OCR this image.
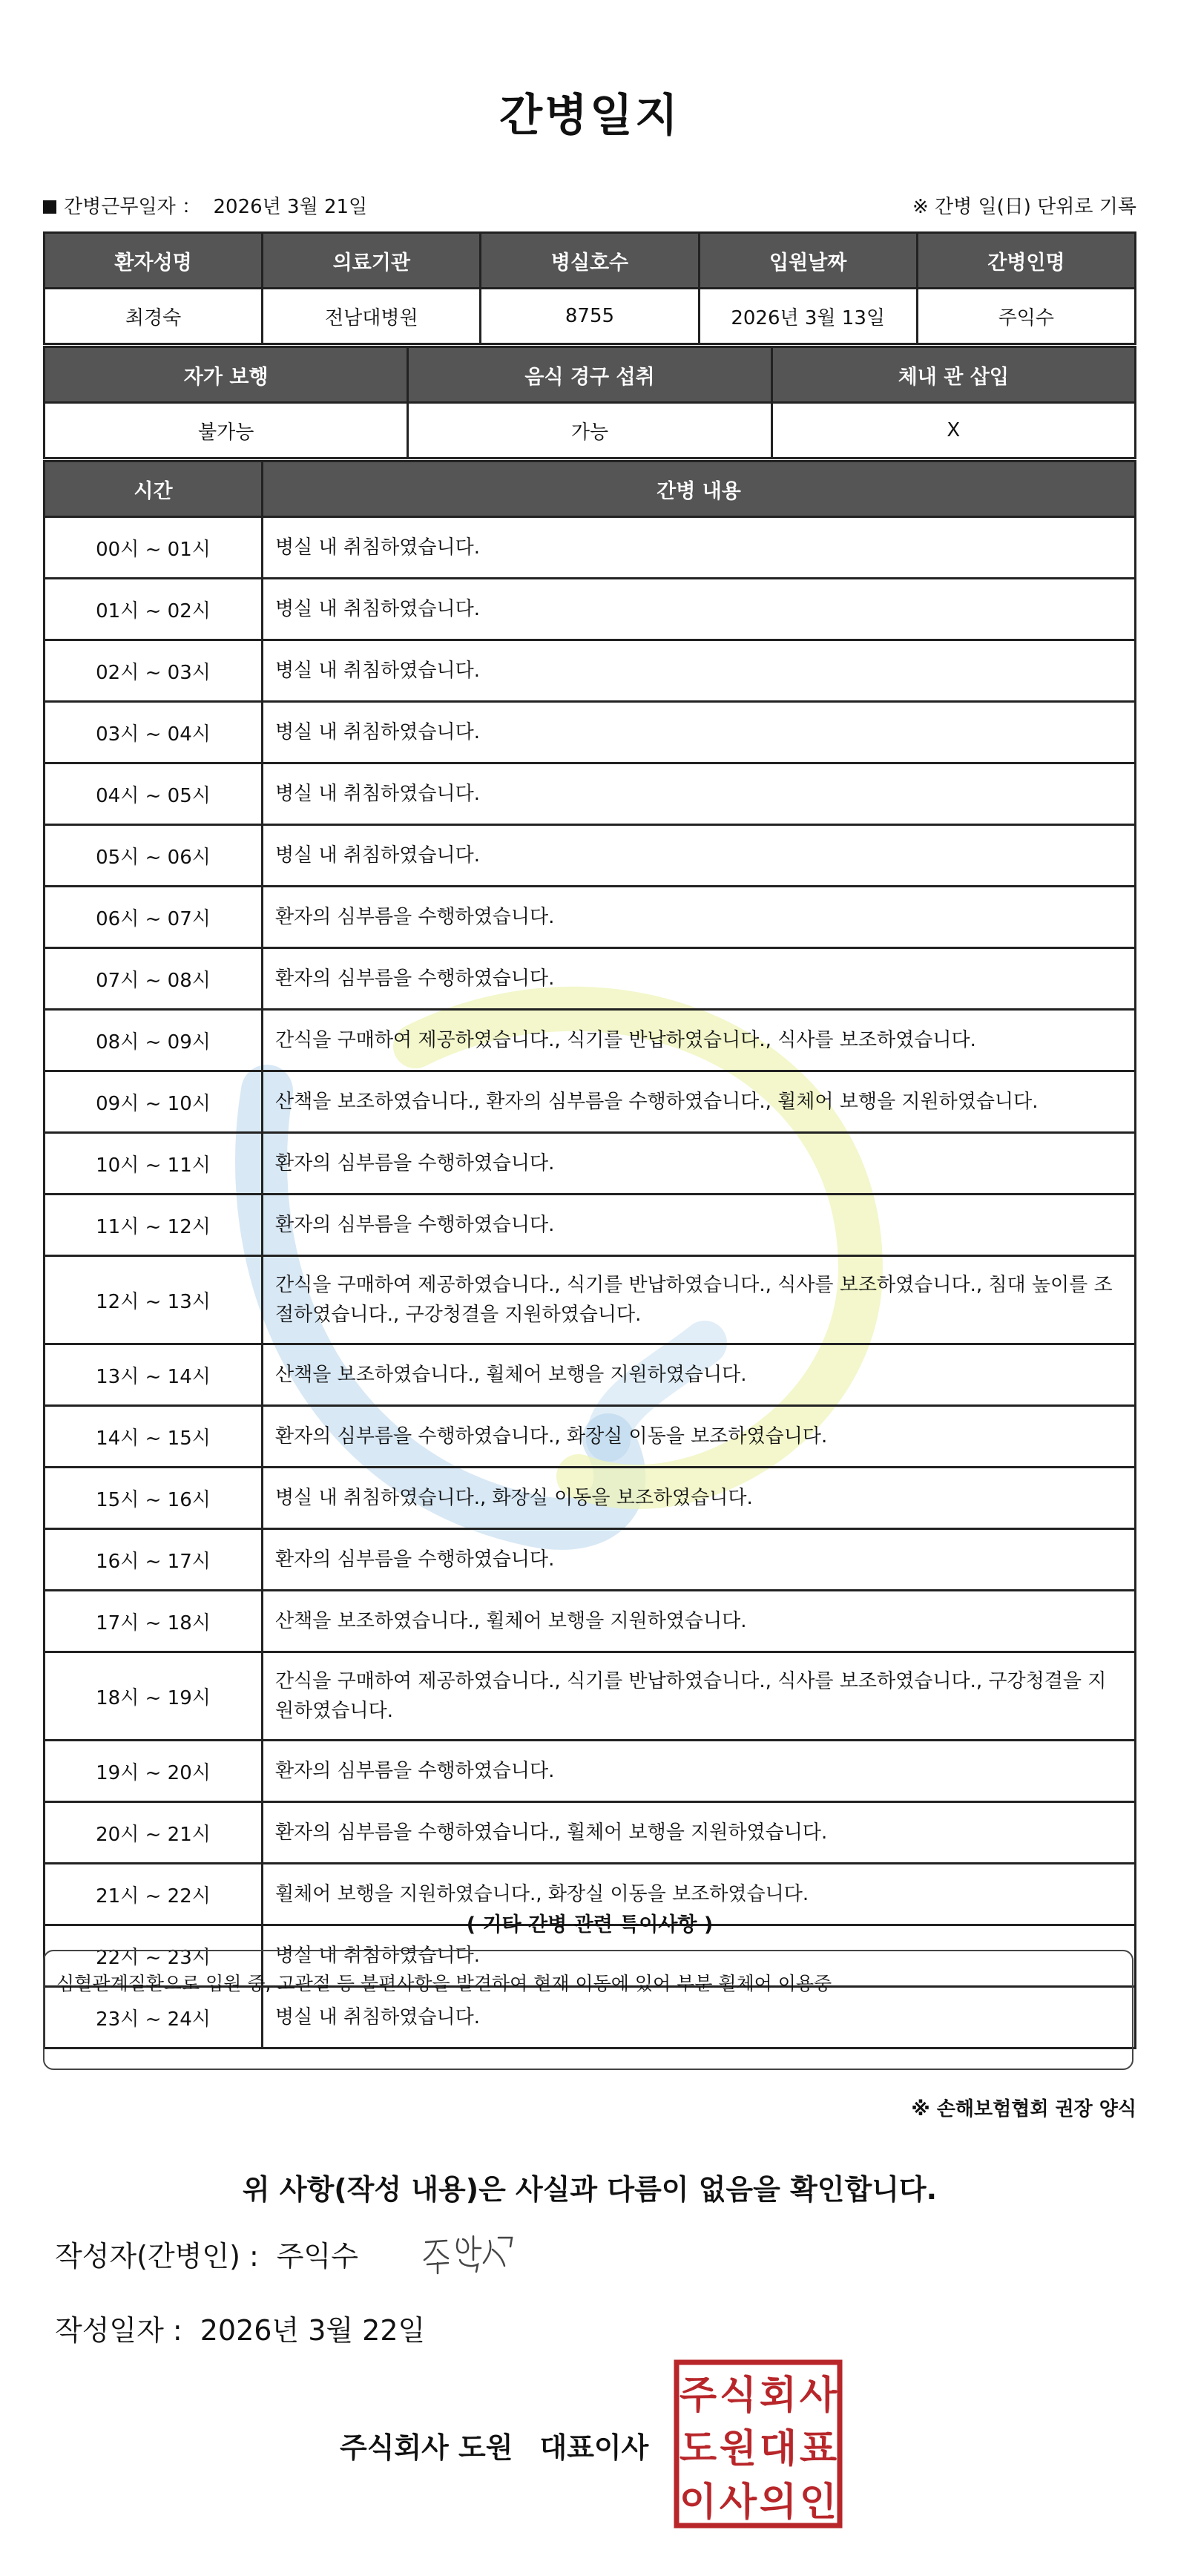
간병일지
간병근무일자 ： 2026년 3월 21일	※ 간병 일(日) 단위로 기록
환자성명	의료기관	병실호수	입원날짜	간병인명
최경숙	전남대병원	8755	2026년 3월 13일	주익수
자가 보행	음식 경구 섭취	체내 관 삽입
불가능	가능	X
시간	간병 내용
00시 ~ 01시	병실 내 취침하였습니다.
01시 ~ 02시	병실 내 취침하였습니다.
02시 ~ 03시	병실 내 취침하였습니다.
03시 ~ 04시	병실 내 취침하였습니다.
04시 ~ 05시	병실 내 취침하였습니다.
05시 ~ 06시	병실 내 취침하였습니다.
06시 ~ 07시	환자의 심부름을 수행하였습니다.
07시 ~ 08시	환자의 심부름을 수행하였습니다.
08시 ~ 09시	간식을 구매하여 제공하였습니다., 식기를 반납하였습니다., 식사를 보조하였습니다.
09시 ~ 10시	산책을 보조하였습니다., 환자의 심부름을 수행하였습니다., 휠체어 보행을 지원하였습니다.
10시 ~ 11시	환자의 심부름을 수행하였습니다.
11시 ~ 12시	환자의 심부름을 수행하였습니다.
12시 ~ 13시	간식을 구매하여 제공하였습니다., 식기를 반납하였습니다., 식사를 보조하였습니다., 침대 높이를 조절하였습니다., 구강청결을 지원하였습니다.
13시 ~ 14시	산책을 보조하였습니다., 휠체어 보행을 지원하였습니다.
14시 ~ 15시	환자의 심부름을 수행하였습니다., 화장실 이동을 보조하였습니다.
15시 ~ 16시	병실 내 취침하였습니다., 화장실 이동을 보조하였습니다.
16시 ~ 17시	환자의 심부름을 수행하였습니다.
17시 ~ 18시	산책을 보조하였습니다., 휠체어 보행을 지원하였습니다.
18시 ~ 19시	간식을 구매하여 제공하였습니다., 식기를 반납하였습니다., 식사를 보조하였습니다., 구강청결을 지원하였습니다.
19시 ~ 20시	환자의 심부름을 수행하였습니다.
20시 ~ 21시	환자의 심부름을 수행하였습니다., 휠체어 보행을 지원하였습니다.
21시 ~ 22시	휠체어 보행을 지원하였습니다., 화장실 이동을 보조하였습니다.
22시 ~ 23시	병실 내 취침하였습니다.
23시 ~ 24시	병실 내 취침하였습니다.
( 기타 간병 관련 특이사항 )
심혈관계질환으로 입원 중, 고관절 등 불편사항을 발견하여 현재 이동에 있어 부분 휠체어 이용중
※ 손해보험협회 권장 양식
위 사항(작성 내용)은 사실과 다름이 없음을 확인합니다.
작성자(간병인) : 주익수
작성일자 : 2026년 3월 22일
주식회사 도원 대표이사
주 식 회 사
도 원 대 표
이 사 의 인
